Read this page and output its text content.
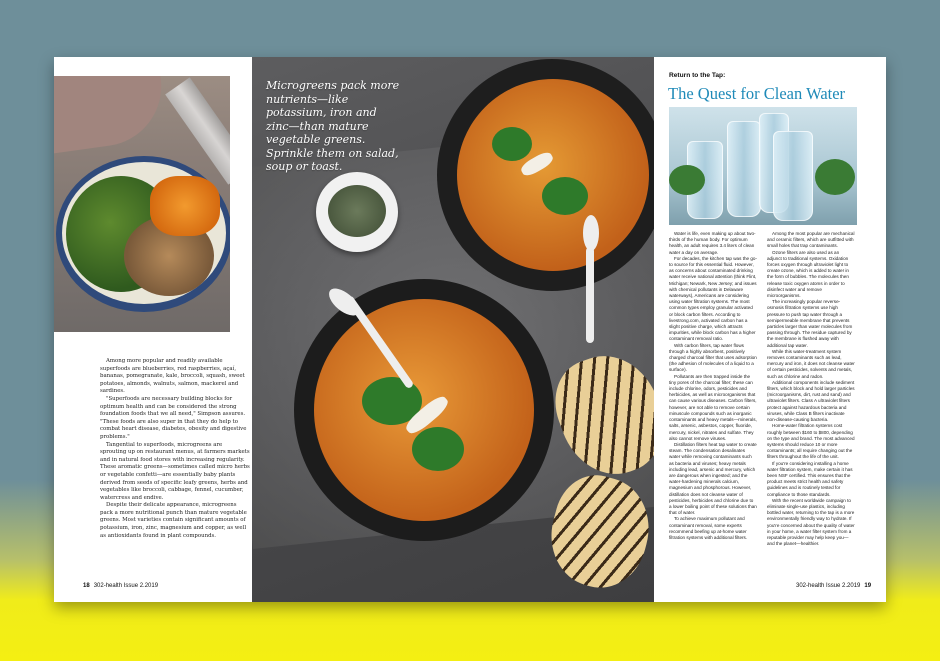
Among more popular and readily available superfoods are blueberries, red raspberries, açaí, bananas, pomegranate, kale, broccoli, squash, sweet potatoes, almonds, walnuts, salmon, mackerel and sardines.

"Superfoods are necessary building blocks for optimum health and can be considered the strong foundation foods that we all need," Simpson assures. "These foods are also super in that they do help to combat heart disease, diabetes, obesity and digestive problems."

Tangential to superfoods, microgreens are sprouting up on restaurant menus, at farmers markets and in natural food stores with increasing regularity. These aromatic greens—sometimes called micro herbs or vegetable confetti—are essentially baby plants derived from seeds of specific leafy greens, herbs and vegetables like broccoli, cabbage, fennel, cucumber, watercress and endive.

Despite their delicate appearance, microgreens pack a more nutritional punch than mature vegetable greens. Most varieties contain significant amounts of potassium, iron, zinc, magnesium and copper, as well as antioxidants found in plant compounds.

18 302-health Issue 2.2019
Microgreens pack more nutrients—like potassium, iron and zinc—than mature vegetable greens. Sprinkle them on salad, soup or toast.
Return to the Tap:
The Quest for Clean Water

Water is life, even making up about two-thirds of the human body. For optimum health, an adult requires 3.4 liters of clean water a day on average.

For decades, the kitchen tap was the go-to source for this essential fluid. However, as concerns about contaminated drinking water receive national attention (think Flint, Michigan; Newark, New Jersey; and issues with chemical pollutants in Delaware waterways), Americans are considering using water filtration systems. The most common types employ granular activated or block carbon filters. According to livestrong.com, activated carbon has a slight positive charge, which attracts impurities, while block carbon has a higher contaminant removal ratio.

With carbon filters, tap water flows through a highly absorbent, positively charged charcoal filter that uses adsorption (the adhesion of molecules of a liquid to a surface).

Pollutants are then trapped inside the tiny pores of the charcoal filter; these can include chlorine, odors, pesticides and herbicides, as well as microorganisms that can cause various diseases. Carbon filters, however, are not able to remove certain minuscule compounds such as inorganic contaminants and heavy metals—minerals, salts, arsenic, asbestos, copper, fluoride, mercury, nickel, nitrates and sulfate. They also cannot remove viruses.

Distillation filters heat tap water to create steam. The condensation desalinates water while removing contaminants such as bacteria and viruses; heavy metals including lead, arsenic and mercury, which are dangerous when ingested; and the water-hardening minerals calcium, magnesium and phosphorous. However, distillation does not cleanse water of pesticides, herbicides and chlorine due to a lower boiling point of these solutions than that of water.

To achieve maximum pollutant and contaminant removal, some experts recommend beefing up at-home water filtration systems with additional filters.

Among the most popular are mechanical and ceramic filters, which are outfitted with small holes that trap contaminants.

Ozone filters are also used as an adjunct to traditional systems. Oxidation forces oxygen through ultraviolet light to create ozone, which is added to water in the form of bubbles. The molecules then release toxic oxygen atoms in order to disinfect water and remove microorganisms.

The increasingly popular reverse-osmosis filtration systems use high pressure to push tap water through a semipermeable membrane that prevents particles larger than water molecules from passing through. The residue captured by the membrane is flushed away with additional tap water.

While this water-treatment system removes contaminants such as lead, mercury and iron, it does not cleanse water of certain pesticides, solvents and metals, such as chlorine and radon.

Additional components include sediment filters, which block and hold larger particles (microorganisms, dirt, rust and sand) and ultraviolet filters. Class A ultraviolet filters protect against hazardous bacteria and viruses, while Class B filters inactivate non-disease-causing bacteria.

Home-water filtration systems cost roughly between $160 to $800, depending on the type and brand. The most advanced systems should reduce 10 or more contaminants; all require changing out the filters throughout the life of the unit.

If you're considering installing a home water filtration system, make certain it has been NSF certified. This ensures that the product meets strict health and safety guidelines and is routinely tested for compliance to those standards.

With the recent worldwide campaign to eliminate single-use plastics, including bottled water, returning to the tap is a more environmentally friendly way to hydrate. If you're concerned about the quality of water in your home, a water filter system from a reputable provider may help keep you—and the planet—healthier.

302-health Issue 2.2019 19
